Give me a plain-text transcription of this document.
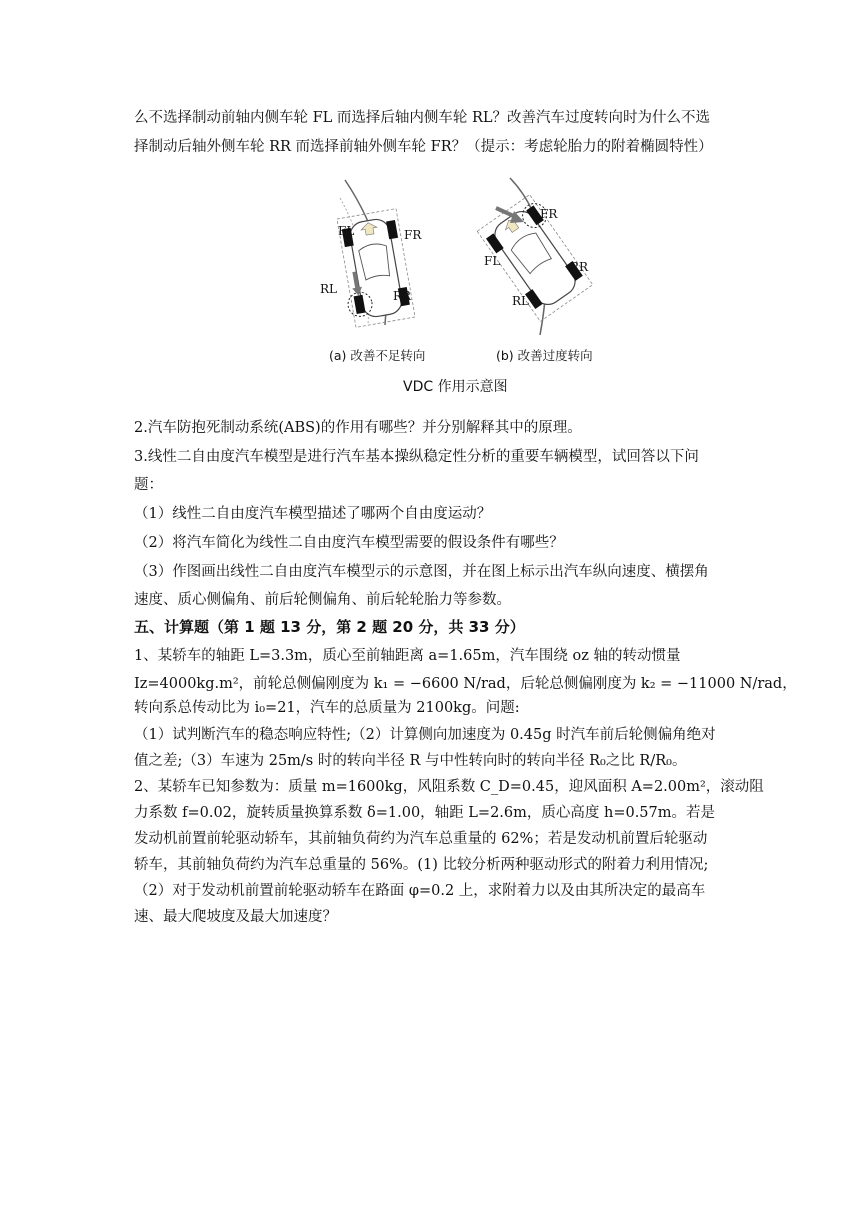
么不选择制动前轴内侧车轮 FL 而选择后轴内侧车轮 RL？改善汽车过度转向时为什么不选
择制动后轴外侧车轮 RR 而选择前轴外侧车轮 FR？（提示：考虑轮胎力的附着椭圆特性）
FL	FR
RL	RR
FR
FL	RR
RL
(a) 改善不足转向	(b) 改善过度转向
VDC 作用示意图
2.汽车防抱死制动系统(ABS)的作用有哪些？并分别解释其中的原理。
3.线性二自由度汽车模型是进行汽车基本操纵稳定性分析的重要车辆模型，试回答以下问
题：
（1）线性二自由度汽车模型描述了哪两个自由度运动？
（2）将汽车简化为线性二自由度汽车模型需要的假设条件有哪些？
（3）作图画出线性二自由度汽车模型示的示意图，并在图上标示出汽车纵向速度、横摆角
速度、质心侧偏角、前后轮侧偏角、前后轮轮胎力等参数。
五、计算题（第 1 题 13 分，第 2 题 20 分，共 33 分）
1、某轿车的轴距 L=3.3m，质心至前轴距离 a=1.65m，汽车围绕 oz 轴的转动惯量
Iz=4000kg.m²，前轮总侧偏刚度为 k₁ = −6600 N/rad，后轮总侧偏刚度为 k₂ = −11000 N/rad，
转向系总传动比为 i₀=21，汽车的总质量为 2100kg。问题:
（1）试判断汽车的稳态响应特性;（2）计算侧向加速度为 0.45g 时汽车前后轮侧偏角绝对
值之差;（3）车速为 25m/s 时的转向半径 R 与中性转向时的转向半径 R₀之比 R/R₀。
2、某轿车已知参数为：质量 m=1600kg，风阻系数 C_D=0.45，迎风面积 A=2.00m²，滚动阻
力系数 f=0.02，旋转质量换算系数 δ=1.00，轴距 L=2.6m，质心高度 h=0.57m。若是
发动机前置前轮驱动轿车，其前轴负荷约为汽车总重量的 62%；若是发动机前置后轮驱动
轿车，其前轴负荷约为汽车总重量的 56%。(1) 比较分析两种驱动形式的附着力利用情况;
（2）对于发动机前置前轮驱动轿车在路面 φ=0.2 上，求附着力以及由其所决定的最高车
速、最大爬坡度及最大加速度？
